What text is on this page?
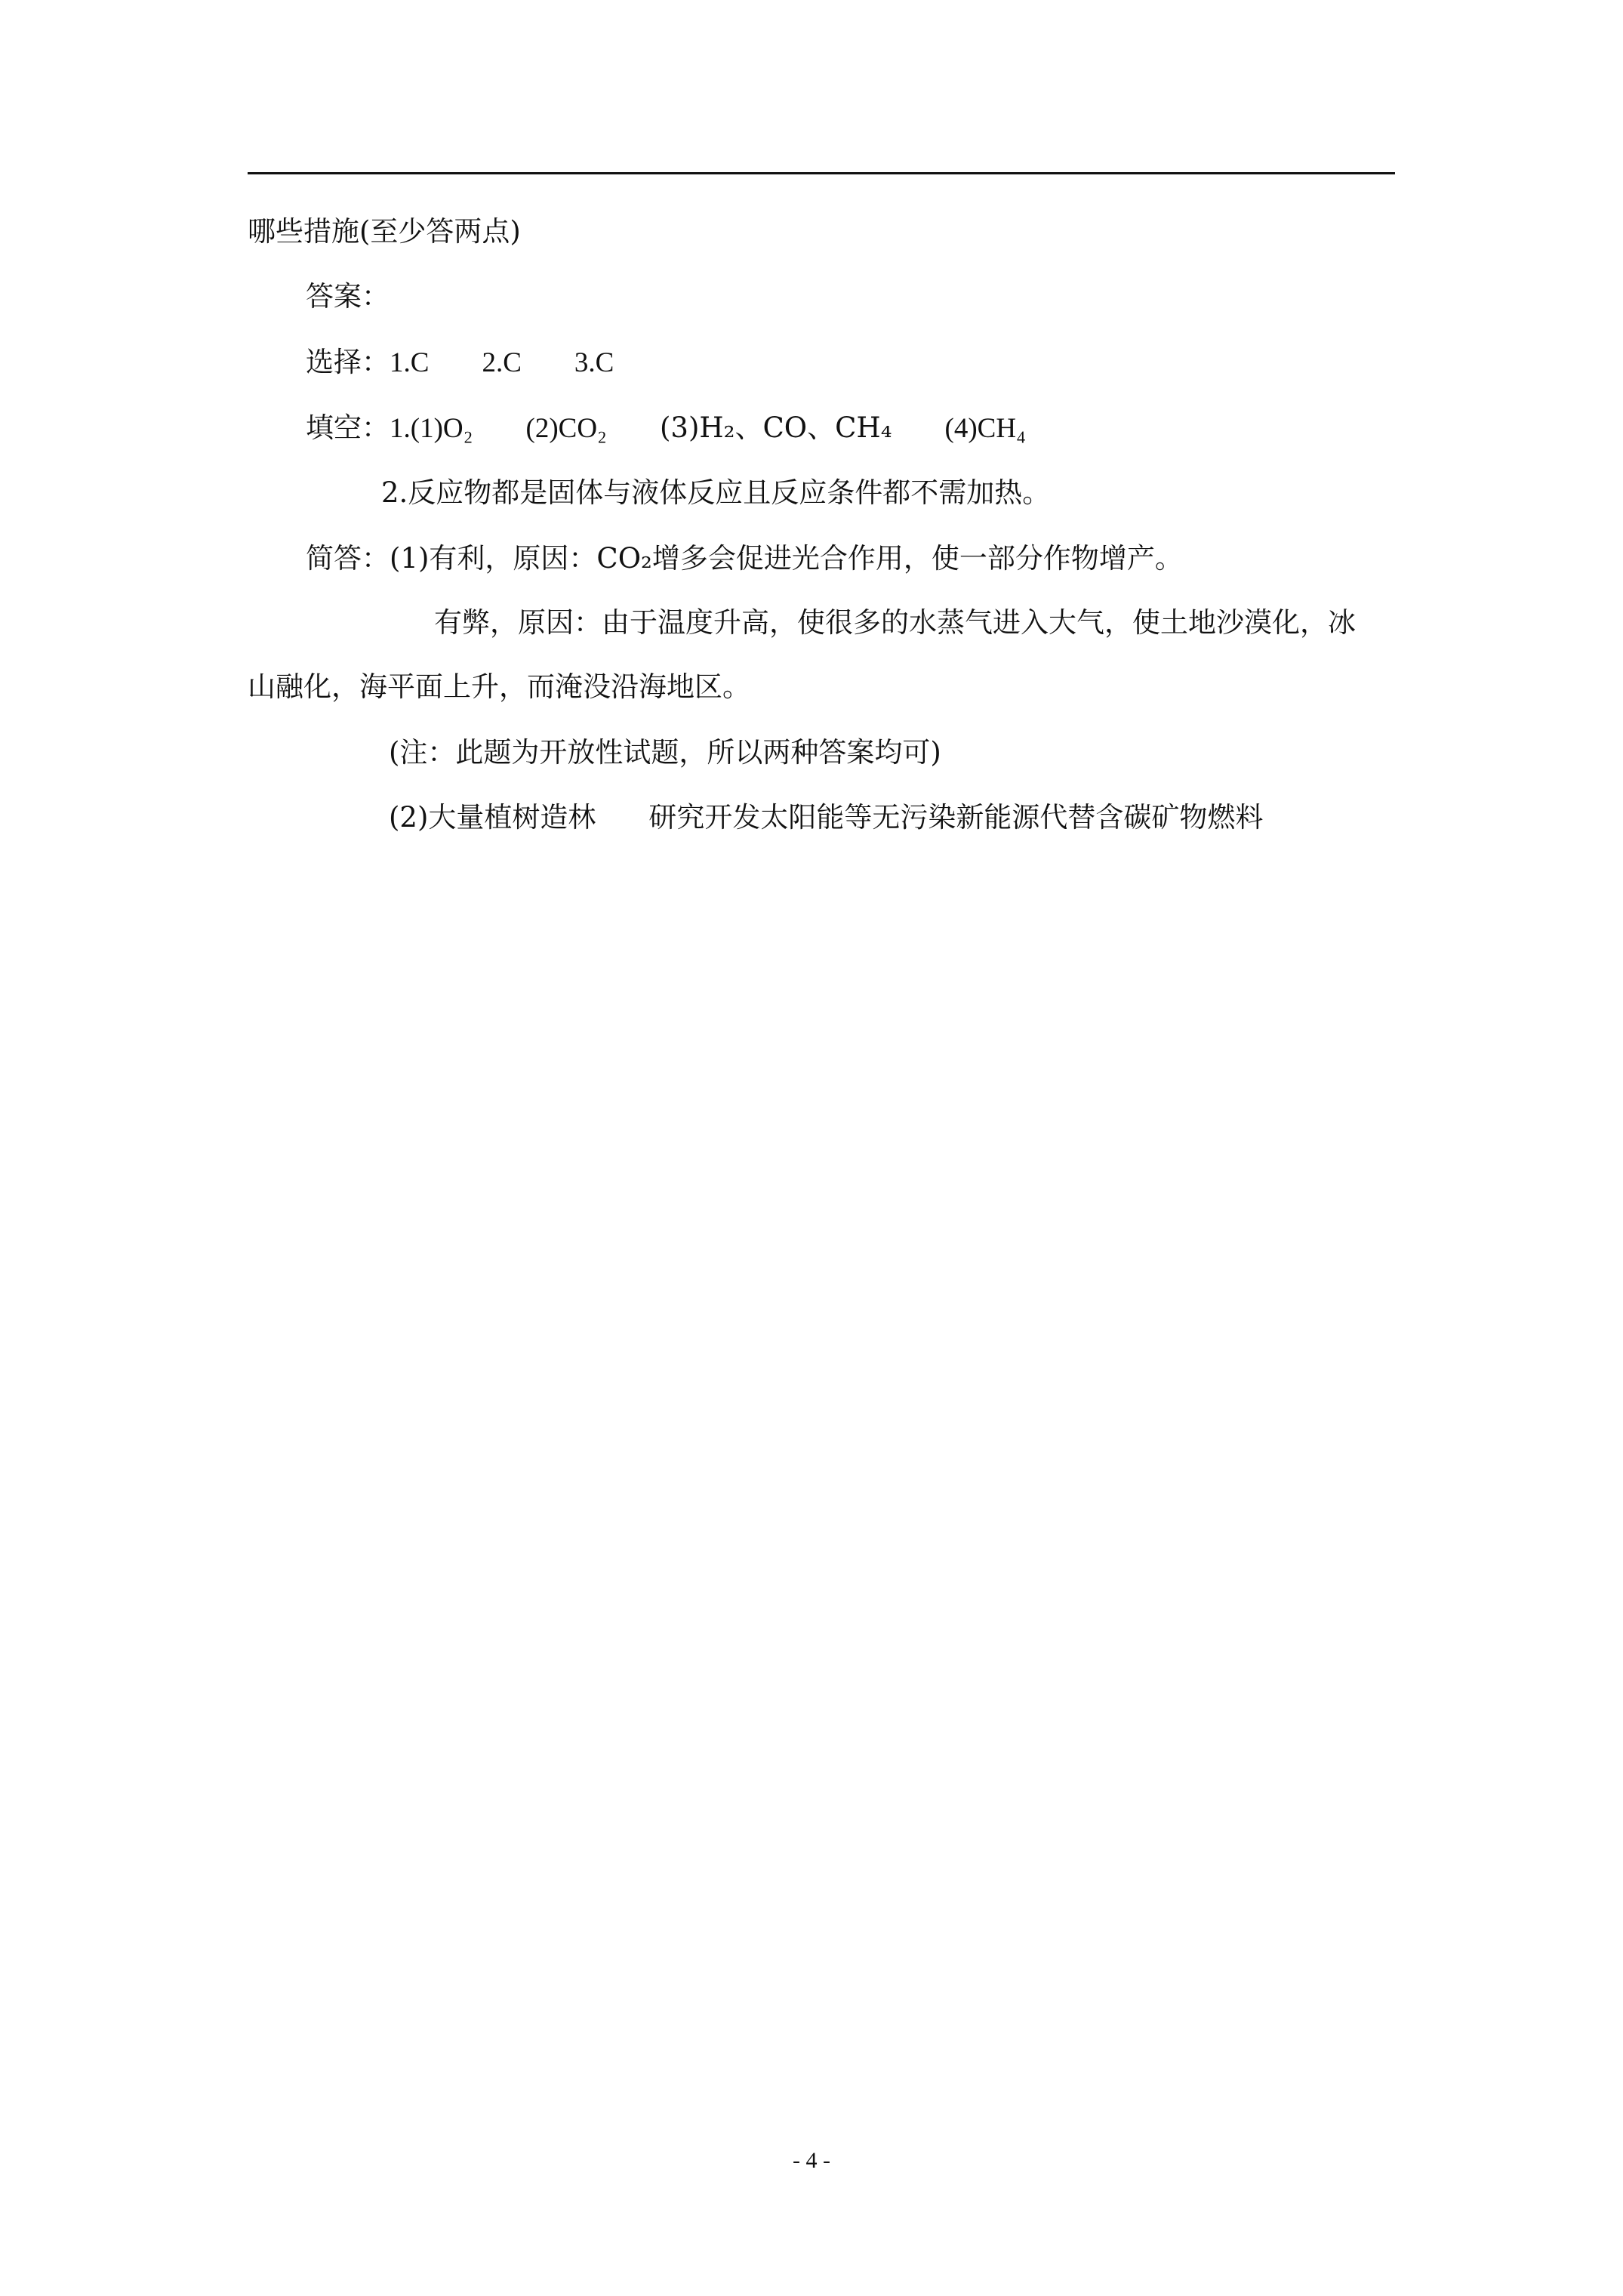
哪些措施(至少答两点)
答案：
选择：1.C 2.C 3.C
填空：1.(1)O₂ (2)CO₂ (3)H₂、CO、CH₄ (4)CH₄
2.反应物都是固体与液体反应且反应条件都不需加热。
简答：(1)有利，原因：CO₂增多会促进光合作用，使一部分作物增产。
有弊，原因：由于温度升高，使很多的水蒸气进入大气，使土地沙漠化，冰
山融化，海平面上升，而淹没沿海地区。
(注：此题为开放性试题，所以两种答案均可)
(2)大量植树造林 研究开发太阳能等无污染新能源代替含碳矿物燃料
- 4 -
